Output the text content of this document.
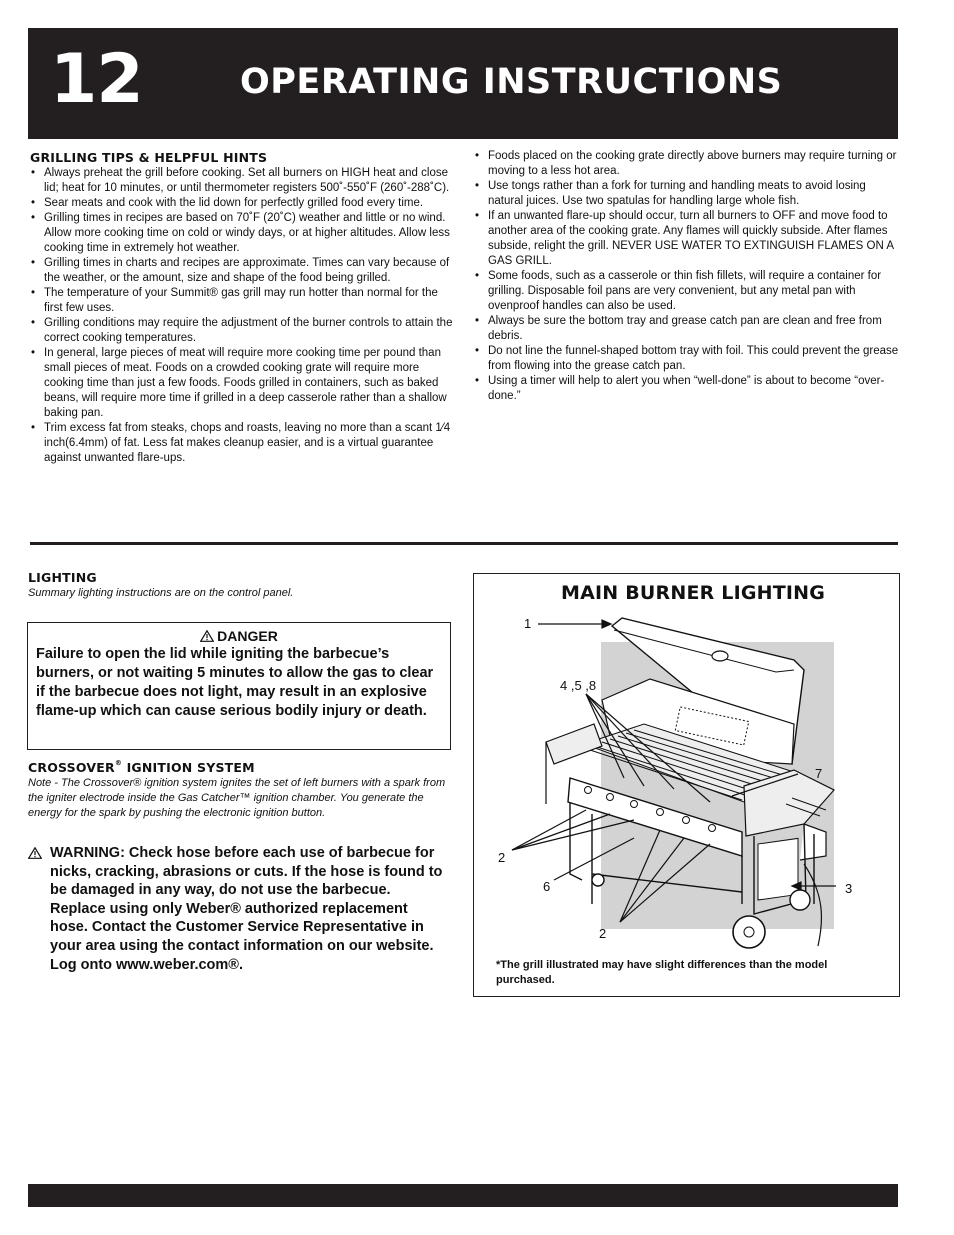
12	OPERATING INSTRUCTIONS
GRILLING TIPS & HELPFUL HINTS
• Always preheat the grill before cooking. Set all burners on HIGH heat and close lid; heat for 10 minutes, or until thermometer registers 500˚-550˚F (260˚-288˚C).
• Sear meats and cook with the lid down for perfectly grilled food every time.
• Grilling times in recipes are based on 70˚F (20˚C) weather and little or no wind. Allow more cooking time on cold or windy days, or at higher altitudes. Allow less cooking time in extremely hot weather.
• Grilling times in charts and recipes are approximate. Times can vary because of the weather, or the amount, size and shape of the food being grilled.
• The temperature of your Summit® gas grill may run hotter than normal for the first few uses.
• Grilling conditions may require the adjustment of the burner controls to attain the correct cooking temperatures.
• In general, large pieces of meat will require more cooking time per pound than small pieces of meat. Foods on a crowded cooking grate will require more cooking time than just a few foods. Foods grilled in containers, such as baked beans, will require more time if grilled in a deep casserole rather than a shallow baking pan.
• Trim excess fat from steaks, chops and roasts, leaving no more than a scant 1⁄4 inch(6.4mm) of fat. Less fat makes cleanup easier, and is a virtual guarantee against unwanted flare-ups.
• Foods placed on the cooking grate directly above burners may require turning or moving to a less hot area.
• Use tongs rather than a fork for turning and handling meats to avoid losing natural juices. Use two spatulas for handling large whole fish.
• If an unwanted flare-up should occur, turn all burners to OFF and move food to another area of the cooking grate. Any flames will quickly subside. After flames subside, relight the grill. NEVER USE WATER TO EXTINGUISH FLAMES ON A GAS GRILL.
• Some foods, such as a casserole or thin fish fillets, will require a container for grilling. Disposable foil pans are very convenient, but any metal pan with ovenproof handles can also be used.
• Always be sure the bottom tray and grease catch pan are clean and free from debris.
• Do not line the funnel-shaped bottom tray with foil. This could prevent the grease from flowing into the grease catch pan.
• Using a timer will help to alert you when “well-done” is about to become “over-done.”
LIGHTING
Summary lighting instructions are on the control panel.
DANGER
Failure to open the lid while igniting the barbecue’s burners, or not waiting 5 minutes to allow the gas to clear if the barbecue does not light, may result in an explosive flame-up which can cause serious bodily injury or death.
CROSSOVER® IGNITION SYSTEM
Note - The Crossover® ignition system ignites the set of left burners with a spark from the igniter electrode inside the Gas Catcher™ ignition chamber. You generate the energy for the spark by pushing the electronic ignition button.
WARNING: Check hose before each use of barbecue for nicks, cracking, abrasions or cuts. If the hose is found to be damaged in any way, do not use the barbecue. Replace using only Weber® authorized replacement hose. Contact the Customer Service Representative in your area using the contact information on our website. Log onto www.weber.com®.
MAIN BURNER LIGHTING
1
4 ,5 ,8
7
2
6	3
2
*The grill illustrated may have slight differences than the model purchased.
